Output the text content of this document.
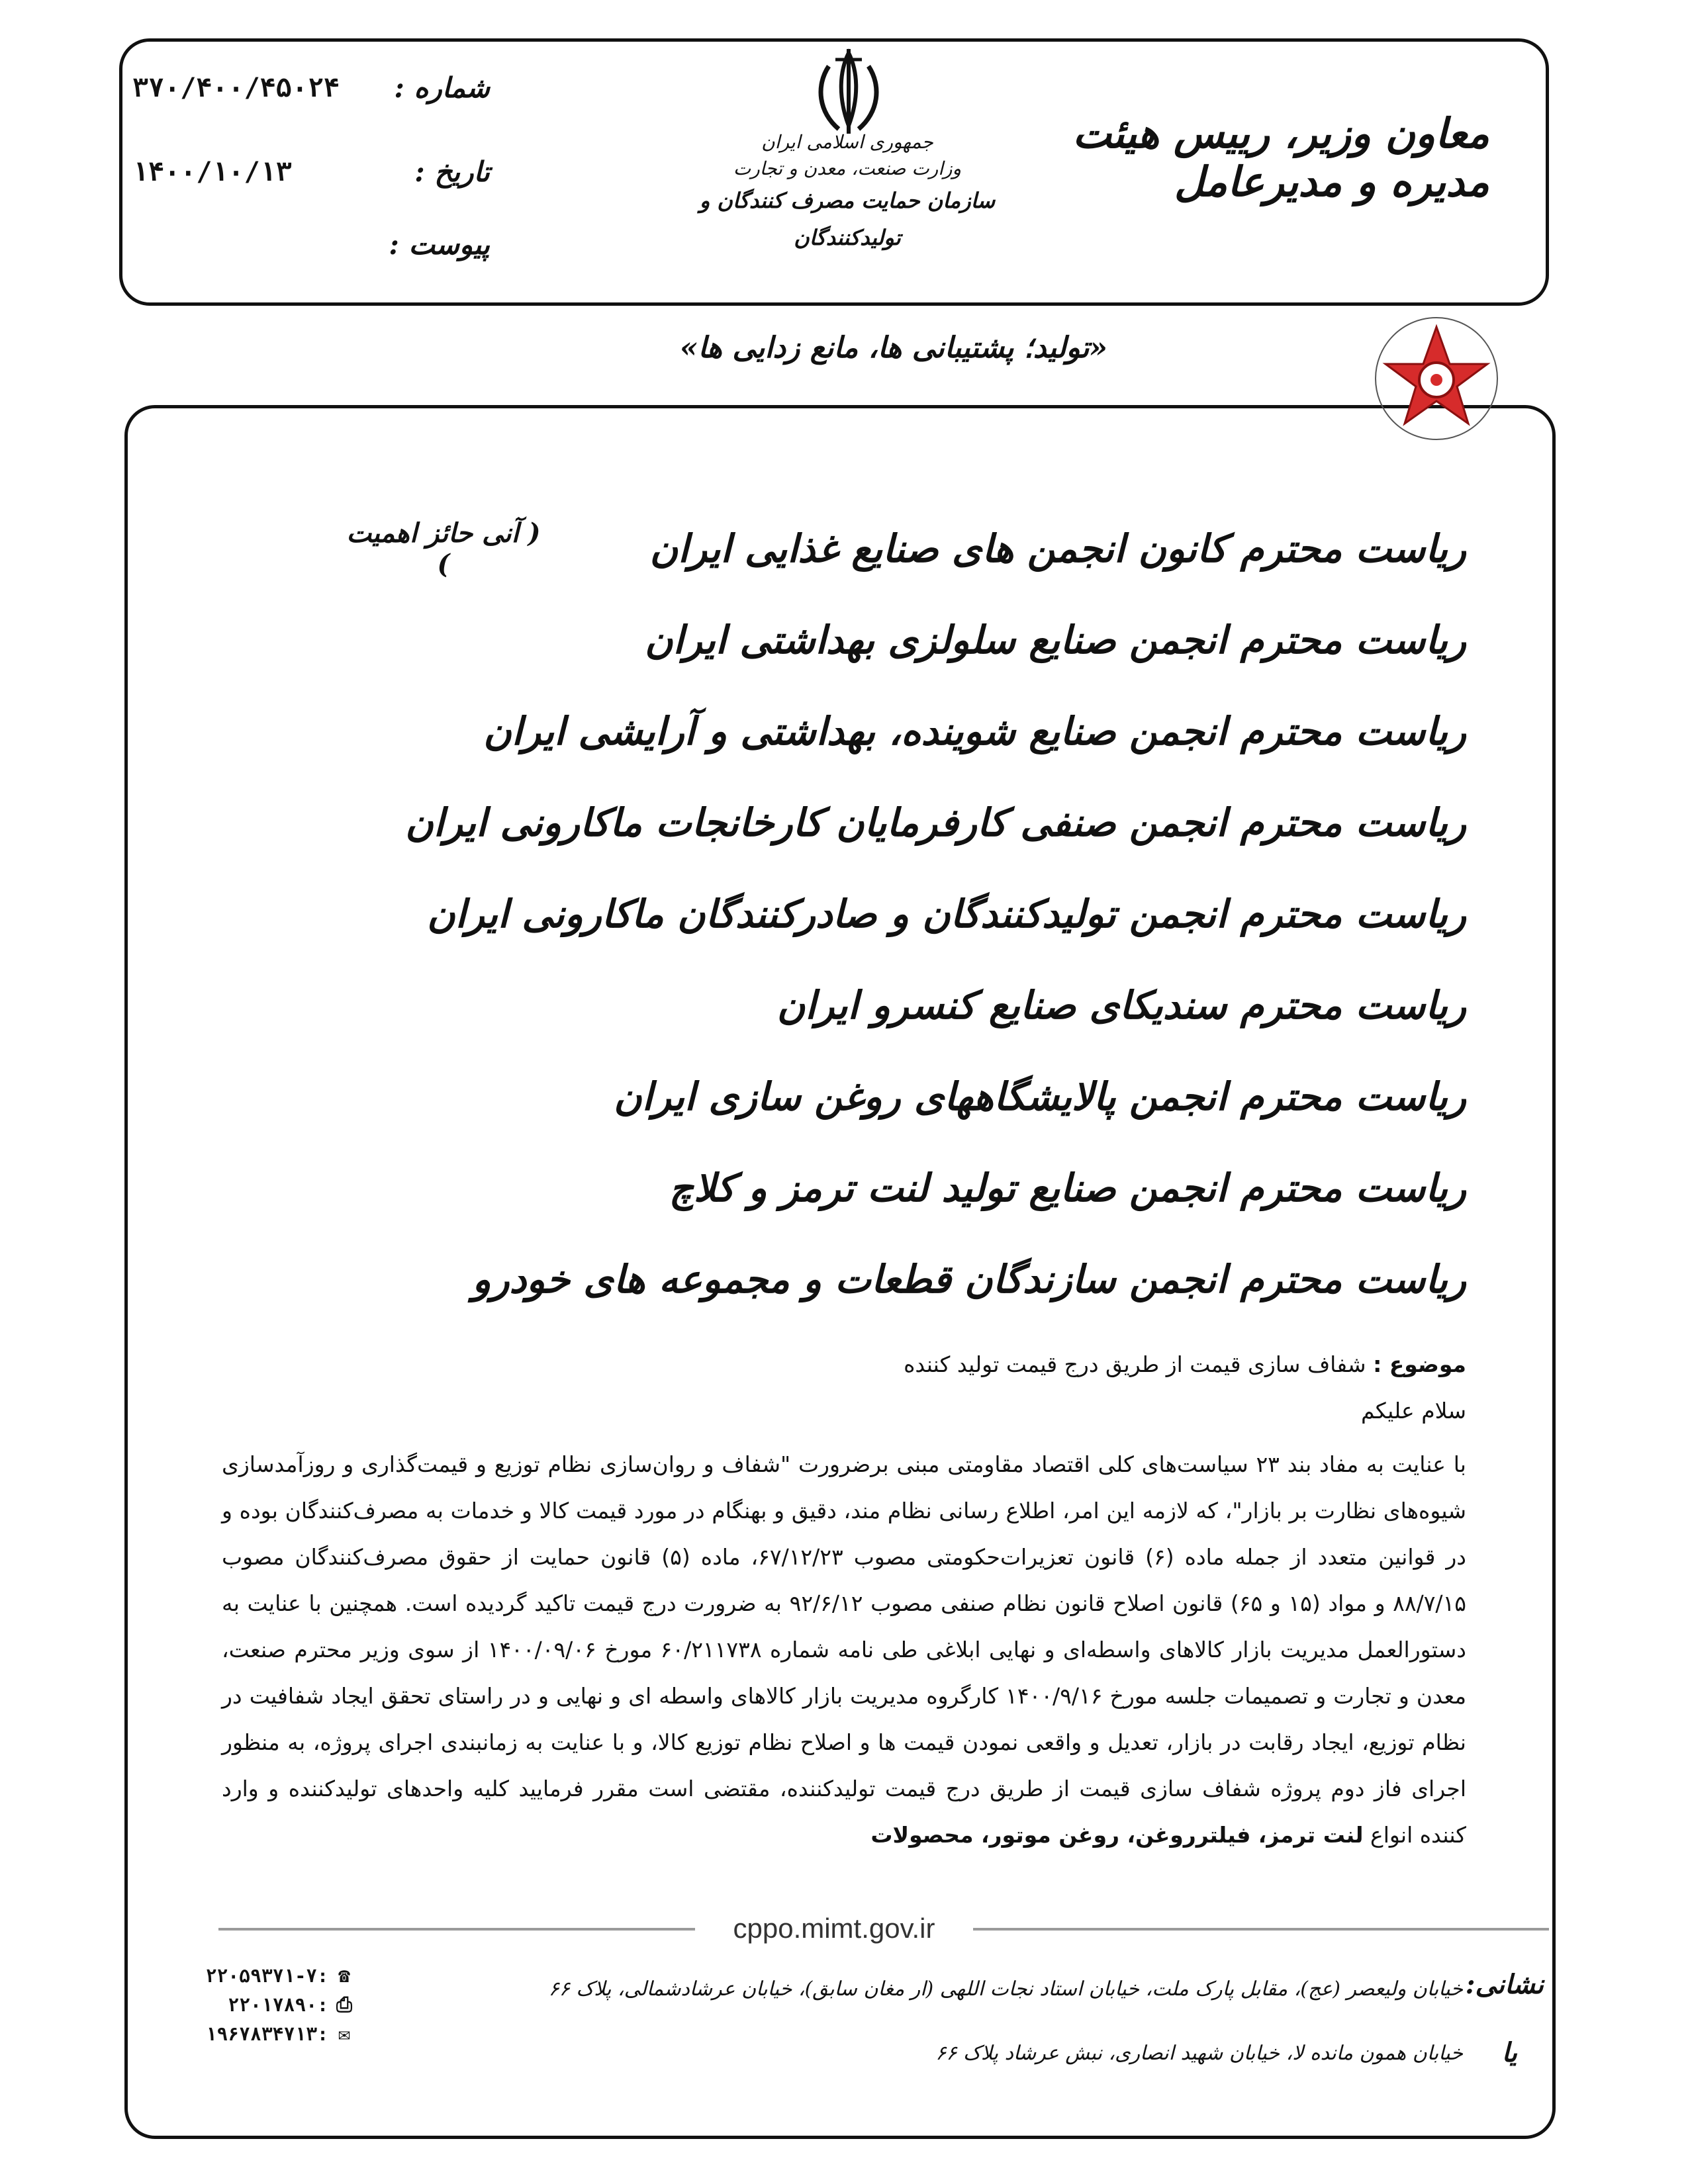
معاون وزیر، رییس هیئت مدیره و مدیرعامل
جمهوری اسلامی ایران
وزارت صنعت، معدن و تجارت
سازمان حمایت مصرف کنندگان و تولیدکنندگان
شماره :
۳۷۰/۴۰۰/۴۵۰۲۴
تاریخ :
۱۴۰۰/۱۰/۱۳
پیوست :
«تولید؛ پشتیبانی ها، مانع زدایی ها»
ریاست محترم کانون انجمن های صنایع غذایی ایران
ریاست محترم انجمن صنایع سلولزی بهداشتی ایران
ریاست محترم انجمن صنایع شوینده، بهداشتی و آرایشی ایران
ریاست محترم انجمن صنفی کارفرمایان کارخانجات ماکارونی ایران
ریاست محترم انجمن تولیدکنندگان و صادرکنندگان ماکارونی ایران
ریاست محترم سندیکای صنایع کنسرو ایران
ریاست محترم انجمن پالایشگاههای روغن سازی ایران
ریاست محترم انجمن صنایع تولید لنت ترمز و کلاچ
ریاست محترم انجمن سازندگان قطعات و مجموعه های خودرو
( آنی حائز اهمیت )
موضوع : شفاف سازی قیمت از طریق درج قیمت تولید کننده
سلام علیکم
با عنایت به مفاد بند ۲۳ سیاست‌های کلی اقتصاد مقاومتی مبنی برضرورت "شفاف و روان‌سازی نظام توزیع و قیمت‌گذاری و روزآمدسازی شیوه‌های نظارت بر بازار"، که لازمه این امر، اطلاع رسانی نظام مند، دقیق و بهنگام در مورد قیمت کالا و خدمات به مصرف‌کنندگان بوده و در قوانین متعدد از جمله ماده (۶) قانون تعزیرات‌حکومتی مصوب ۶۷/۱۲/۲۳، ماده (۵) قانون حمایت از حقوق مصرف‌کنندگان مصوب ۸۸/۷/۱۵ و مواد (۱۵ و ۶۵) قانون اصلاح قانون نظام صنفی مصوب ۹۲/۶/۱۲ به ضرورت درج قیمت تاکید گردیده است. همچنین با عنایت به دستورالعمل مدیریت بازار کالاهای واسطه‌ای و نهایی ابلاغی طی نامه شماره ۶۰/۲۱۱۷۳۸ مورخ ۱۴۰۰/۰۹/۰۶ از سوی وزیر محترم صنعت، معدن و تجارت و تصمیمات جلسه مورخ ۱۴۰۰/۹/۱۶ کارگروه مدیریت بازار کالاهای واسطه ای و نهایی و در راستای تحقق ایجاد شفافیت در نظام توزیع، ایجاد رقابت در بازار، تعدیل و واقعی نمودن قیمت ها و اصلاح نظام توزیع کالا، و با عنایت به زمانبندی اجرای پروژه، به منظور اجرای فاز دوم پروژه شفاف سازی قیمت از طریق درج قیمت تولیدکننده، مقتضی است مقرر فرمایید کلیه واحدهای تولیدکننده و وارد کننده انواع لنت ترمز، فیلترروغن، روغن موتور، محصولات
cppo.mimt.gov.ir
نشانی:
خیابان ولیعصر (عج)، مقابل پارک ملت، خیابان استاد نجات اللهی (ار مغان سابق)، خیابان عرشادشمالی، پلاک ۶۶
یا
خیابان همون مانده لا، خیابان شهید انصاری، نبش عرشاد پلاک ۶۶
۲۲۰۵۹۳۷۱-۷: ☎
۲۲۰۱۷۸۹۰: ⎙
۱۹۶۷۸۳۴۷۱۳: ✉
